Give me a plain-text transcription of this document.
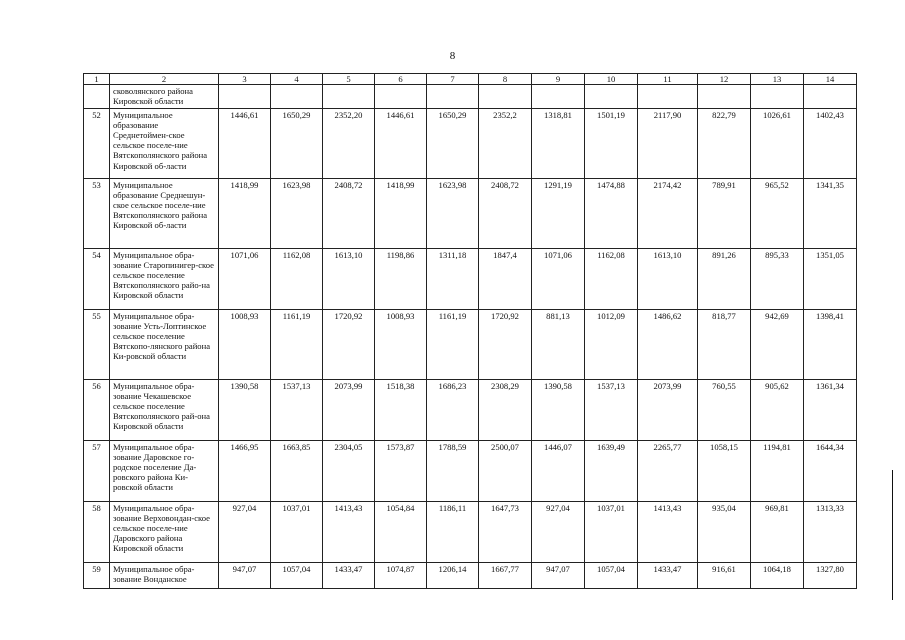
8
1	2	3	4	5	6	7	8	9	10	11	12	13	14
	сковолянского района Кировской области												
52	Муниципальное образование Среднетоймен-ское сельское поселе-ние Вятскополянского района Кировской об-ласти	1446,61	1650,29	2352,20	1446,61	1650,29	2352,2	1318,81	1501,19	2117,90	822,79	1026,61	1402,43
53	Муниципальное образование Среднешун-ское сельское поселе-ние Вятскополянского района Кировской об-ласти	1418,99	1623,98	2408,72	1418,99	1623,98	2408,72	1291,19	1474,88	2174,42	789,91	965,52	1341,35
54	Муниципальное обра-зование Старопинигер-ское сельское поселение Вятскополянского райо-на Кировской области	1071,06	1162,08	1613,10	1198,86	1311,18	1847,4	1071,06	1162,08	1613,10	891,26	895,33	1351,05
55	Муниципальное обра-зование Усть-Лоптинское сельское поселение Вятскопо-лянского района Ки-ровской области	1008,93	1161,19	1720,92	1008,93	1161,19	1720,92	881,13	1012,09	1486,62	818,77	942,69	1398,41
56	Муниципальное обра-зование Чекашевское сельское поселение Вятскополянского рай-она Кировской области	1390,58	1537,13	2073,99	1518,38	1686,23	2308,29	1390,58	1537,13	2073,99	760,55	905,62	1361,34
57	Муниципальное обра-зование Даровское го-родское поселение Да-ровского района Ки-ровской области	1466,95	1663,85	2304,05	1573,87	1788,59	2500,07	1446,07	1639,49	2265,77	1058,15	1194,81	1644,34
58	Муниципальное обра-зование Верховондан-ское сельское поселе-ние Даровского района Кировской области	927,04	1037,01	1413,43	1054,84	1186,11	1647,73	927,04	1037,01	1413,43	935,04	969,81	1313,33
59	Муниципальное обра-зование Вонданское	947,07	1057,04	1433,47	1074,87	1206,14	1667,77	947,07	1057,04	1433,47	916,61	1064,18	1327,80
